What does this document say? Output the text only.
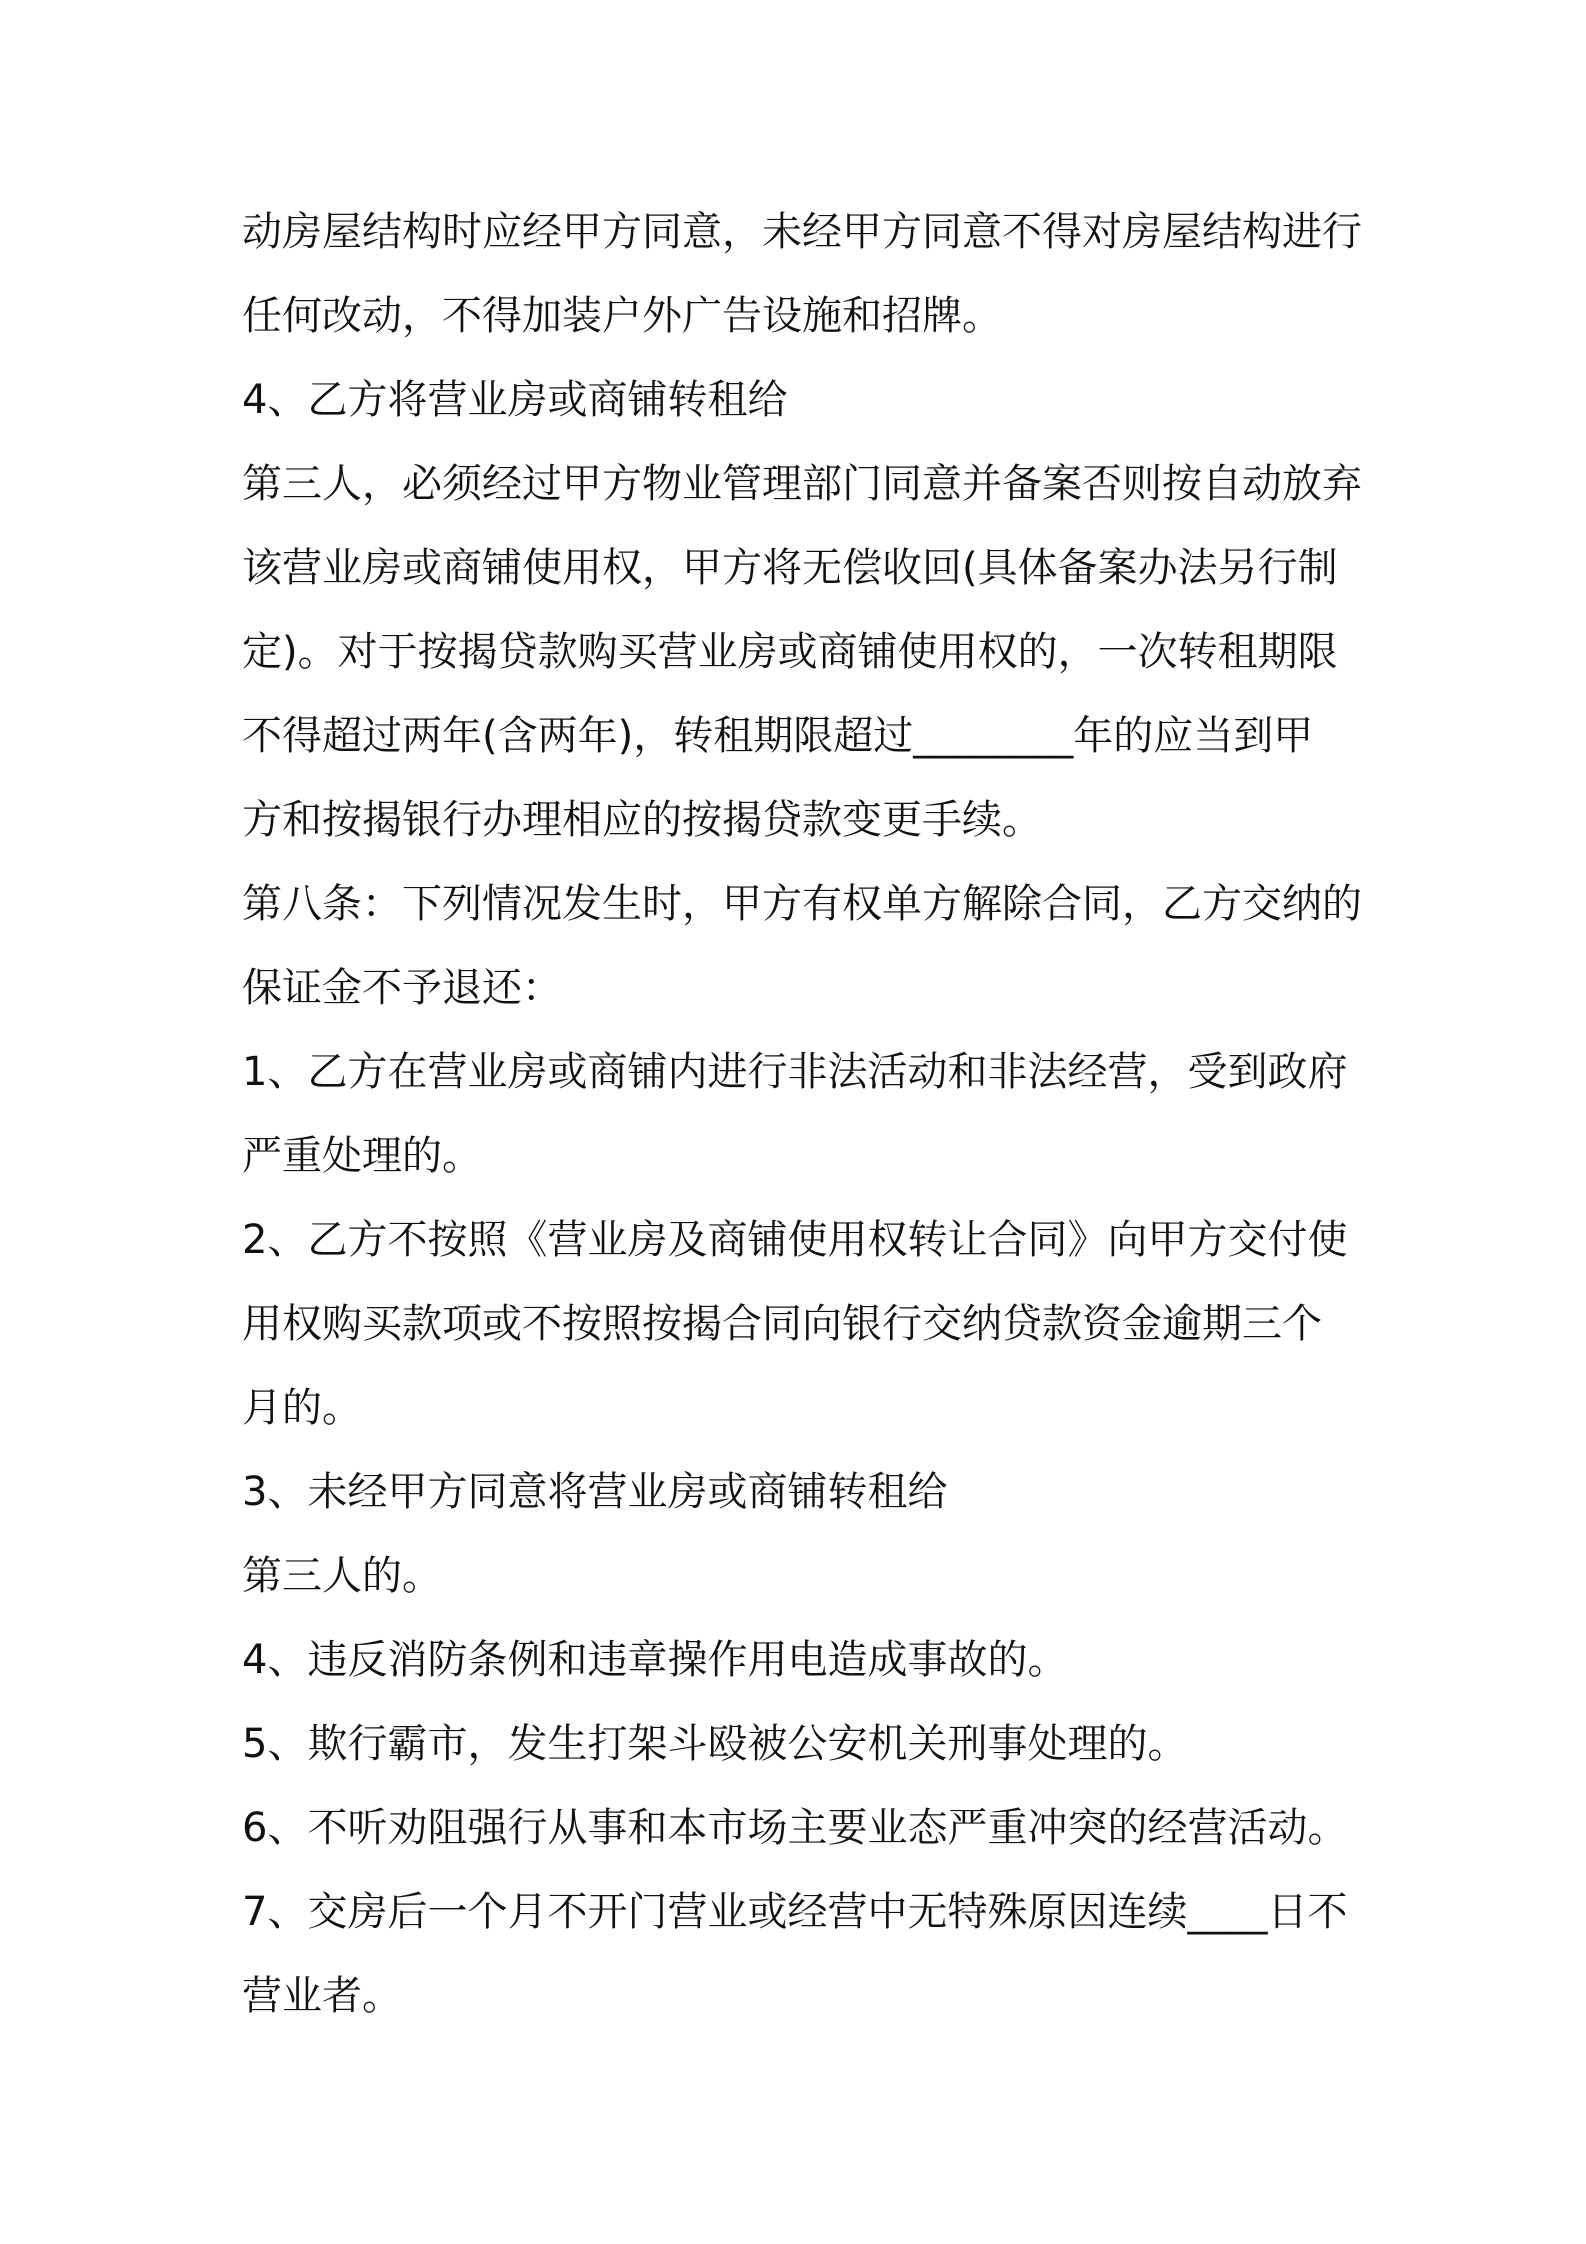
动房屋结构时应经甲方同意，未经甲方同意不得对房屋结构进行
任何改动，不得加装户外广告设施和招牌。
4、乙方将营业房或商铺转租给
第三人，必须经过甲方物业管理部门同意并备案否则按自动放弃
该营业房或商铺使用权，甲方将无偿收回(具体备案办法另行制
定)。对于按揭贷款购买营业房或商铺使用权的，一次转租期限
不得超过两年(含两年)，转租期限超过________年的应当到甲
方和按揭银行办理相应的按揭贷款变更手续。
第八条：下列情况发生时，甲方有权单方解除合同，乙方交纳的
保证金不予退还：
1、乙方在营业房或商铺内进行非法活动和非法经营，受到政府
严重处理的。
2、乙方不按照《营业房及商铺使用权转让合同》向甲方交付使
用权购买款项或不按照按揭合同向银行交纳贷款资金逾期三个
月的。
3、未经甲方同意将营业房或商铺转租给
第三人的。
4、违反消防条例和违章操作用电造成事故的。
5、欺行霸市，发生打架斗殴被公安机关刑事处理的。
6、不听劝阻强行从事和本市场主要业态严重冲突的经营活动。
7、交房后一个月不开门营业或经营中无特殊原因连续____日不
营业者。
